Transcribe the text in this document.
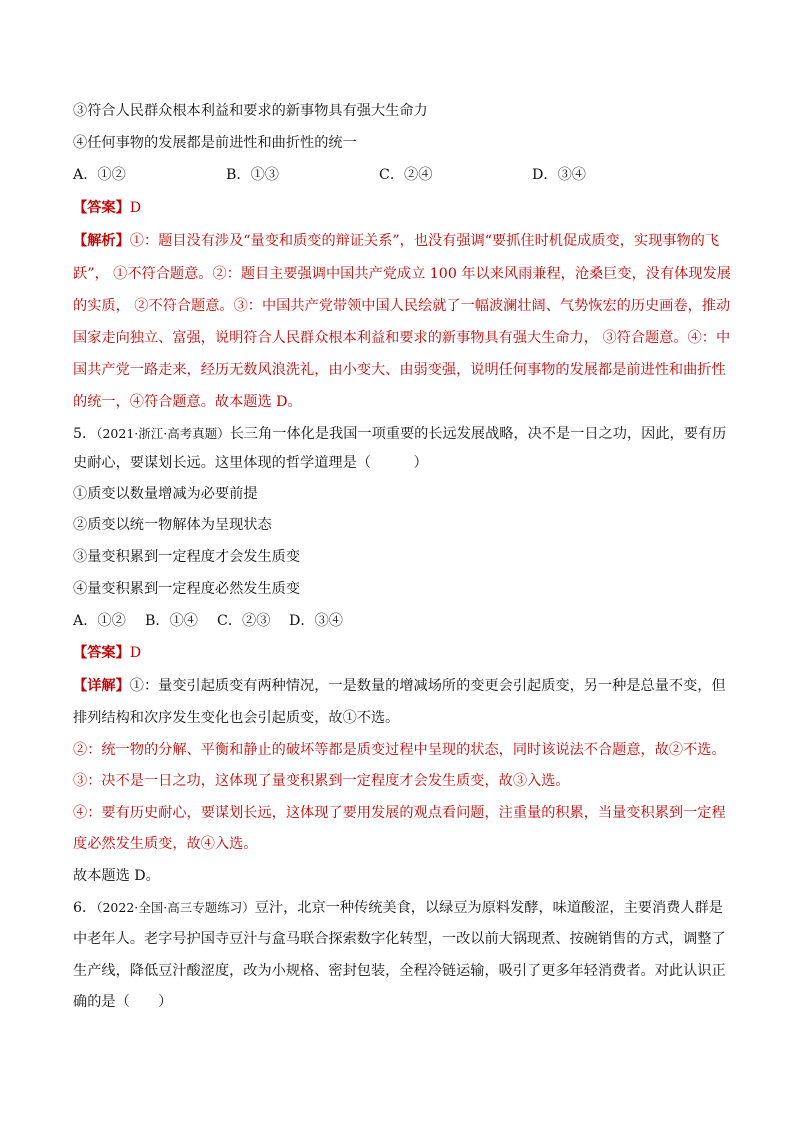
③符合人民群众根本利益和要求的新事物具有强大生命力
④任何事物的发展都是前进性和曲折性的统一
A．①②	B．①③	C．②④	D．③④
【答案】D
【解析】①：题目没有涉及“量变和质变的辩证关系”，也没有强调“要抓住时机促成质变，实现事物的飞
跃”， ①不符合题意。②：题目主要强调中国共产党成立 100 年以来风雨兼程，沧桑巨变，没有体现发展
的实质， ②不符合题意。③：中国共产党带领中国人民绘就了一幅波澜壮阔、气势恢宏的历史画卷，推动
国家走向独立、富强，说明符合人民群众根本利益和要求的新事物具有强大生命力， ③符合题意。④：中
国共产党一路走来，经历无数风浪洗礼，由小变大、由弱变强，说明任何事物的发展都是前进性和曲折性
的统一，④符合题意。故本题选 D。
5．（2021·浙江·高考真题）长三角一体化是我国一项重要的长远发展战略，决不是一日之功，因此，要有历
史耐心，要谋划长远。这里体现的哲学道理是（　　　）
①质变以数量增减为必要前提
②质变以统一物解体为呈现状态
③量变积累到一定程度才会发生质变
④量变积累到一定程度必然发生质变
A．①② B．①④ C．②③ D．③④
【答案】D
【详解】①：量变引起质变有两种情况，一是数量的增减场所的变更会引起质变，另一种是总量不变，但
排列结构和次序发生变化也会引起质变，故①不选。
②：统一物的分解、平衡和静止的破坏等都是质变过程中呈现的状态，同时该说法不合题意，故②不选。
③：决不是一日之功，这体现了量变积累到一定程度才会发生质变，故③入选。
④：要有历史耐心，要谋划长远，这体现了要用发展的观点看问题，注重量的积累，当量变积累到一定程
度必然发生质变，故④入选。
故本题选 D。
6．（2022·全国·高三专题练习）豆汁，北京一种传统美食，以绿豆为原料发酵，味道酸涩，主要消费人群是
中老年人。老字号护国寺豆汁与盒马联合探索数字化转型，一改以前大锅现煮、按碗销售的方式，调整了
生产线，降低豆汁酸涩度，改为小规格、密封包装，全程冷链运输，吸引了更多年轻消费者。对此认识正
确的是（　　）
